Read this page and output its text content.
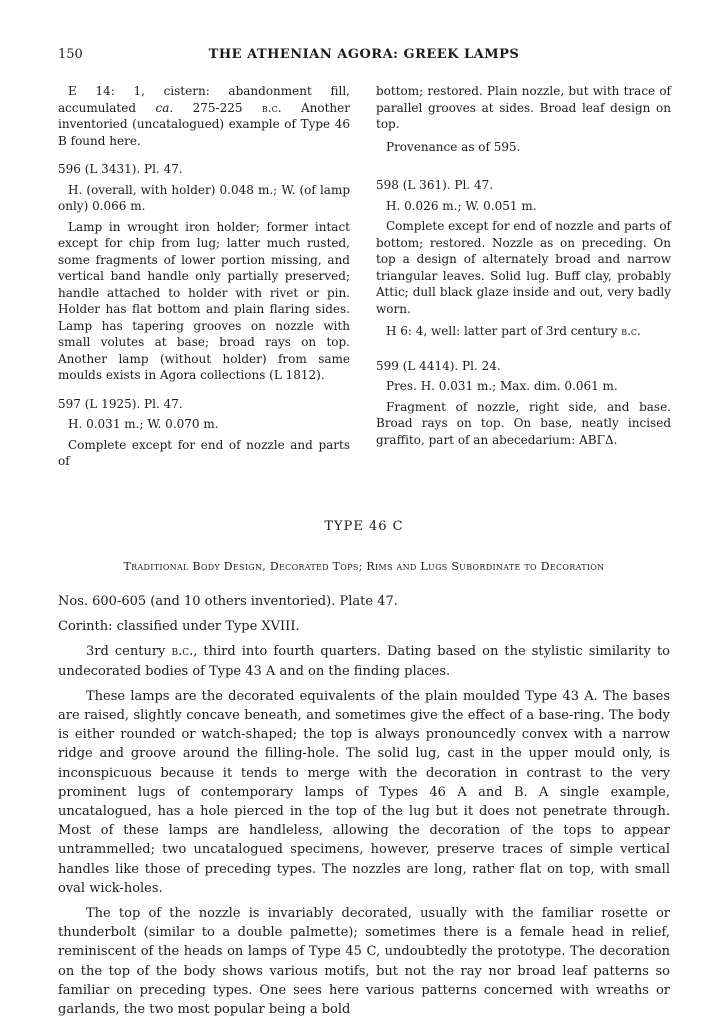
150	THE ATHENIAN AGORA: GREEK LAMPS

E 14: 1, cistern: abandonment fill, accumulated ca. 275-225 b.c. Another inventoried (uncatalogued) example of Type 46 B found here.

596 (L 3431). Pl. 47.

H. (overall, with holder) 0.048 m.; W. (of lamp only) 0.066 m.

Lamp in wrought iron holder; former intact except for chip from lug; latter much rusted, some fragments of lower portion missing, and vertical band handle only partially preserved; handle attached to holder with rivet or pin. Holder has flat bottom and plain flaring sides. Lamp has tapering grooves on nozzle with small volutes at base; broad rays on top. Another lamp (without holder) from same moulds exists in Agora collections (L 1812).

597 (L 1925). Pl. 47.

H. 0.031 m.; W. 0.070 m.

Complete except for end of nozzle and parts of

bottom; restored. Plain nozzle, but with trace of parallel grooves at sides. Broad leaf design on top.

Provenance as of 595.

598 (L 361). Pl. 47.

H. 0.026 m.; W. 0.051 m.

Complete except for end of nozzle and parts of bottom; restored. Nozzle as on preceding. On top a design of alternately broad and narrow triangular leaves. Solid lug. Buff clay, probably Attic; dull black glaze inside and out, very badly worn.

H 6: 4, well: latter part of 3rd century b.c.

599 (L 4414). Pl. 24.

Pres. H. 0.031 m.; Max. dim. 0.061 m.

Fragment of nozzle, right side, and base. Broad rays on top. On base, neatly incised graffito, part of an abecedarium: ΑΒΓΔ.

TYPE 46 C
Traditional Body Design, Decorated Tops; Rims and Lugs Subordinate to Decoration

Nos. 600-605 (and 10 others inventoried). Plate 47.

Corinth: classified under Type XVIII.

3rd century b.c., third into fourth quarters. Dating based on the stylistic similarity to undecorated bodies of Type 43 A and on the finding places.

These lamps are the decorated equivalents of the plain moulded Type 43 A. The bases are raised, slightly concave beneath, and sometimes give the effect of a base-ring. The body is either rounded or watch-shaped; the top is always pronouncedly convex with a narrow ridge and groove around the filling-hole. The solid lug, cast in the upper mould only, is inconspicuous because it tends to merge with the decoration in contrast to the very prominent lugs of contemporary lamps of Types 46 A and B. A single example, uncatalogued, has a hole pierced in the top of the lug but it does not penetrate through. Most of these lamps are handleless, allowing the decoration of the tops to appear untrammelled; two uncatalogued specimens, however, preserve traces of simple vertical handles like those of preceding types. The nozzles are long, rather flat on top, with small oval wick-holes.

The top of the nozzle is invariably decorated, usually with the familiar rosette or thunderbolt (similar to a double palmette); sometimes there is a female head in relief, reminiscent of the heads on lamps of Type 45 C, undoubtedly the prototype. The decoration on the top of the body shows various motifs, but not the ray nor broad leaf patterns so familiar on preceding types. One sees here various patterns concerned with wreaths or garlands, the two most popular being a bold
